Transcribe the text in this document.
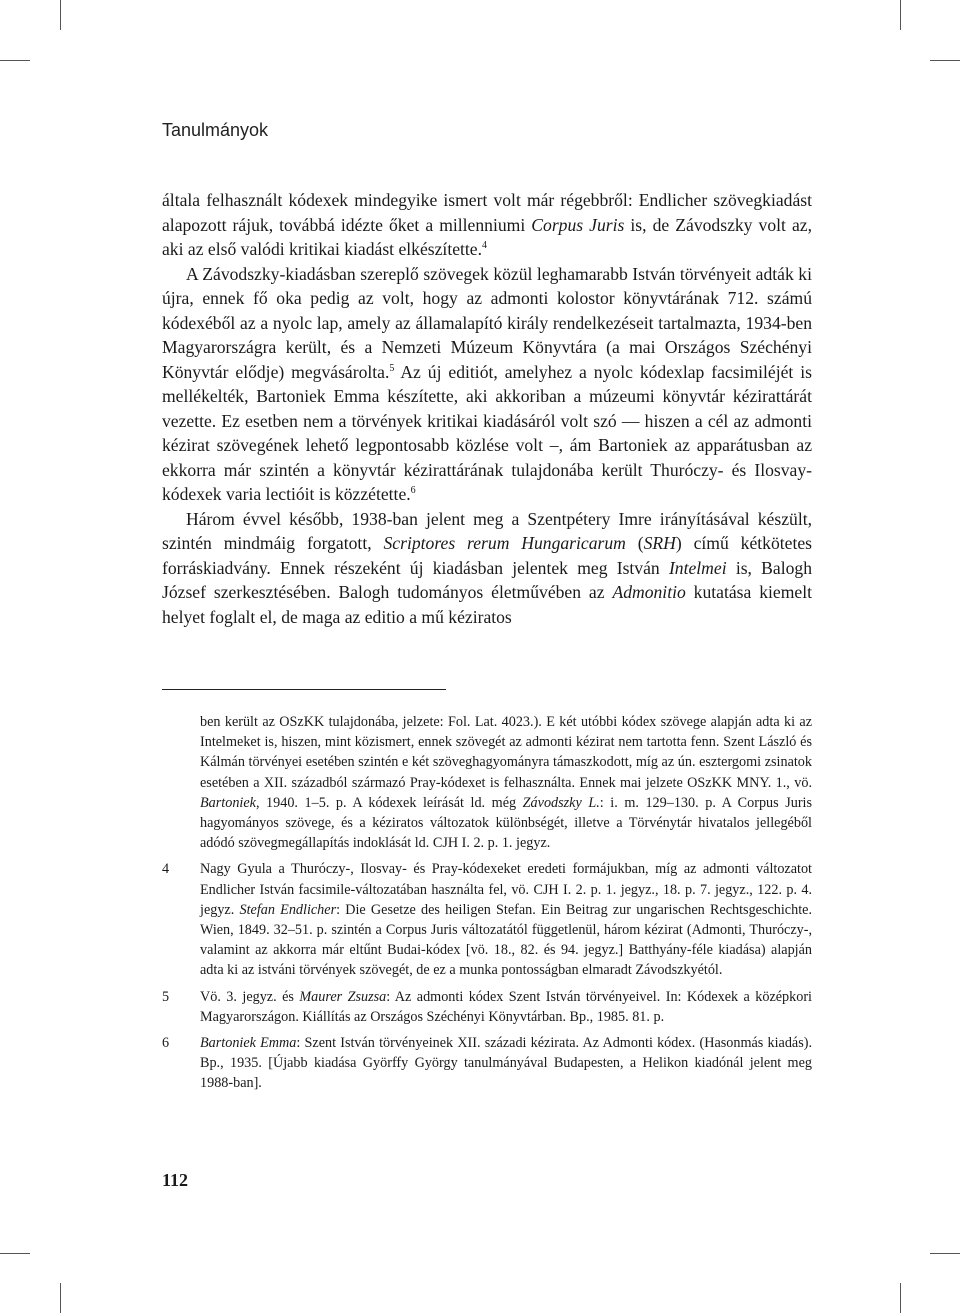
Tanulmányok

általa felhasznált kódexek mindegyike ismert volt már régebbről: Endlicher szövegkiadást alapozott rájuk, továbbá idézte őket a millenniumi Corpus Juris is, de Závodszky volt az, aki az első valódi kritikai kiadást elkészítette.$^4$

A Závodszky-kiadásban szereplő szövegek közül leghamarabb István törvényeit adták ki újra, ennek fő oka pedig az volt, hogy az admonti kolostor könyvtárának 712. számú kódexéből az a nyolc lap, amely az államalapító király rendelkezéseit tartalmazta, 1934-ben Magyarországra került, és a Nemzeti Múzeum Könyvtára (a mai Országos Széchényi Könyvtár elődje) megvásárolta.$^5$ Az új editiót, amelyhez a nyolc kódexlap facsimiléjét is mellékelték, Bartoniek Emma készítette, aki akkoriban a múzeumi könyvtár kézirattárát vezette. Ez esetben nem a törvények kritikai kiadásáról volt szó — hiszen a cél az admonti kézirat szövegének lehető legpontosabb közlése volt –, ám Bartoniek az apparátusban az ekkorra már szintén a könyvtár kézirattárának tulajdonába került Thuróczy- és Ilosvay-kódexek varia lectióit is közzétette.$^6$

Három évvel később, 1938-ban jelent meg a Szentpétery Imre irányításával készült, szintén mindmáig forgatott, Scriptores rerum Hungaricarum (SRH) című kétkötetes forráskiadvány. Ennek részeként új kiadásban jelentek meg István Intelmei is, Balogh József szerkesztésében. Balogh tudományos életművében az Admonitio kutatása kiemelt helyet foglalt el, de maga az editio a mű kéziratos

ben került az OSzKK tulajdonába, jelzete: Fol. Lat. 4023.). E két utóbbi kódex szövege alapján adta ki az Intelmeket is, hiszen, mint közismert, ennek szövegét az admonti kézirat nem tartotta fenn. Szent László és Kálmán törvényei esetében szintén e két szöveghagyományra támaszkodott, míg az ún. esztergomi zsinatok esetében a XII. századból származó Pray-kódexet is felhasználta. Ennek mai jelzete OSzKK MNY. 1., vö. Bartoniek, 1940. 1–5. p. A kódexek leírását ld. még Závodszky L.: i. m. 129–130. p. A Corpus Juris hagyományos szövege, és a kéziratos változatok különbségét, illetve a Törvénytár hivatalos jellegéből adódó szövegmegállapítás indoklását ld. CJH I. 2. p. 1. jegyz.
4	Nagy Gyula a Thuróczy-, Ilosvay- és Pray-kódexeket eredeti formájukban, míg az admonti változatot Endlicher István facsimile-változatában használta fel, vö. CJH I. 2. p. 1. jegyz., 18. p. 7. jegyz., 122. p. 4. jegyz. Stefan Endlicher: Die Gesetze des heiligen Stefan. Ein Beitrag zur ungarischen Rechtsgeschichte. Wien, 1849. 32–51. p. szintén a Corpus Juris változatától függetlenül, három kézirat (Admonti, Thuróczy-, valamint az akkorra már eltűnt Budai-kódex [vö. 18., 82. és 94. jegyz.] Batthyány-féle kiadása) alapján adta ki az istváni törvények szövegét, de ez a munka pontosságban elmaradt Závodszkyétól.
5	Vö. 3. jegyz. és Maurer Zsuzsa: Az admonti kódex Szent István törvényeivel. In: Kódexek a középkori Magyarországon. Kiállítás az Országos Széchényi Könyvtárban. Bp., 1985. 81. p.
6	Bartoniek Emma: Szent István törvényeinek XII. századi kézirata. Az Admonti kódex. (Hasonmás kiadás). Bp., 1935. [Újabb kiadása Györffy György tanulmányával Budapesten, a Helikon kiadónál jelent meg 1988-ban].
112
